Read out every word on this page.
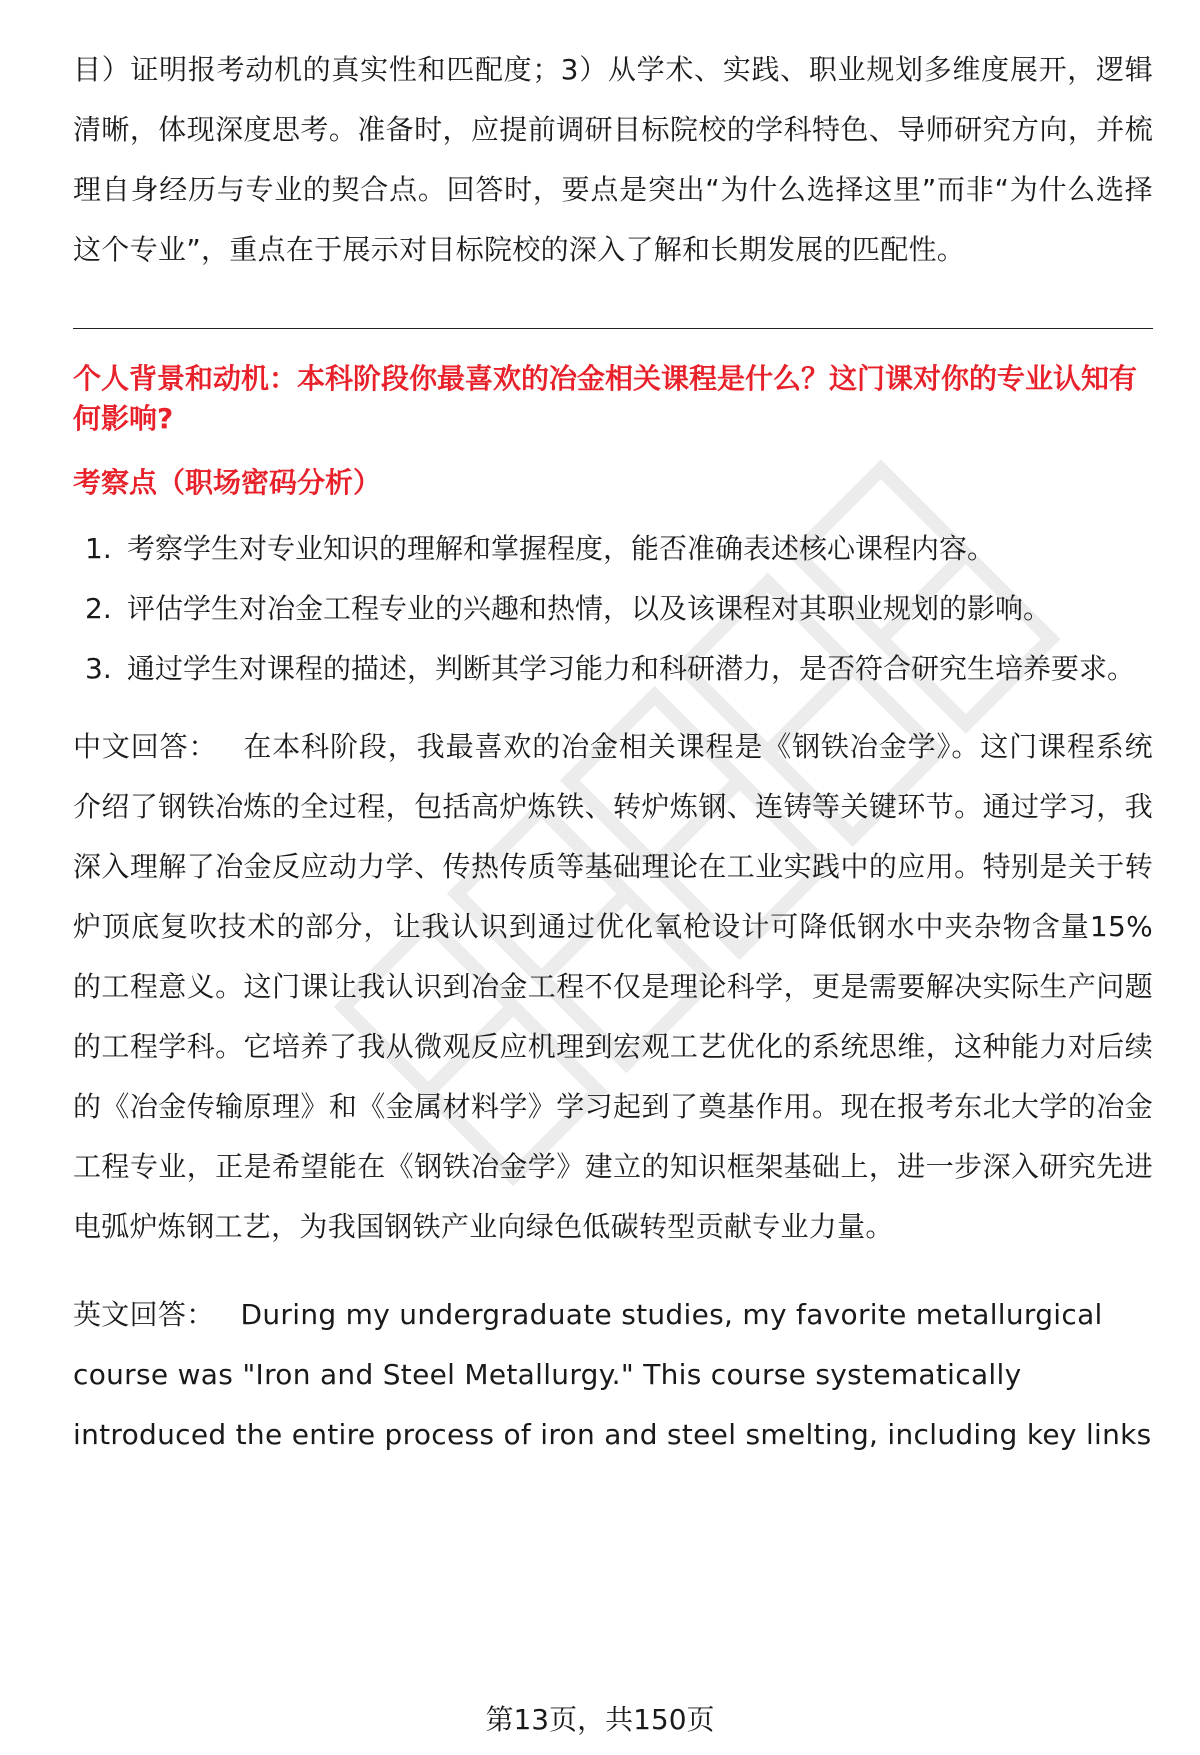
目）证明报考动机的真实性和匹配度；3）从学术、实践、职业规划多维度展开，逻辑清晰，体现深度思考。准备时，应提前调研目标院校的学科特色、导师研究方向，并梳理自身经历与专业的契合点。回答时，要点是突出“为什么选择这里”而非“为什么选择这个专业”，重点在于展示对目标院校的深入了解和长期发展的匹配性。

个人背景和动机：本科阶段你最喜欢的冶金相关课程是什么？这门课对你的专业认知有何影响?

考察点（职场密码分析）

1. 考察学生对专业知识的理解和掌握程度，能否准确表述核心课程内容。
2. 评估学生对冶金工程专业的兴趣和热情，以及该课程对其职业规划的影响。
3. 通过学生对课程的描述，判断其学习能力和科研潜力，是否符合研究生培养要求。

中文回答： 在本科阶段，我最喜欢的冶金相关课程是《钢铁冶金学》。这门课程系统介绍了钢铁冶炼的全过程，包括高炉炼铁、转炉炼钢、连铸等关键环节。通过学习，我深入理解了冶金反应动力学、传热传质等基础理论在工业实践中的应用。特别是关于转炉顶底复吹技术的部分，让我认识到通过优化氧枪设计可降低钢水中夹杂物含量15%的工程意义。这门课让我认识到冶金工程不仅是理论科学，更是需要解决实际生产问题的工程学科。它培养了我从微观反应机理到宏观工艺优化的系统思维，这种能力对后续的《冶金传输原理》和《金属材料学》学习起到了奠基作用。现在报考东北大学的冶金工程专业，正是希望能在《钢铁冶金学》建立的知识框架基础上，进一步深入研究先进电弧炉炼钢工艺，为我国钢铁产业向绿色低碳转型贡献专业力量。

英文回答： During my undergraduate studies, my favorite metallurgical course was "Iron and Steel Metallurgy." This course systematically introduced the entire process of iron and steel smelting, including key links

第13页，共150页
